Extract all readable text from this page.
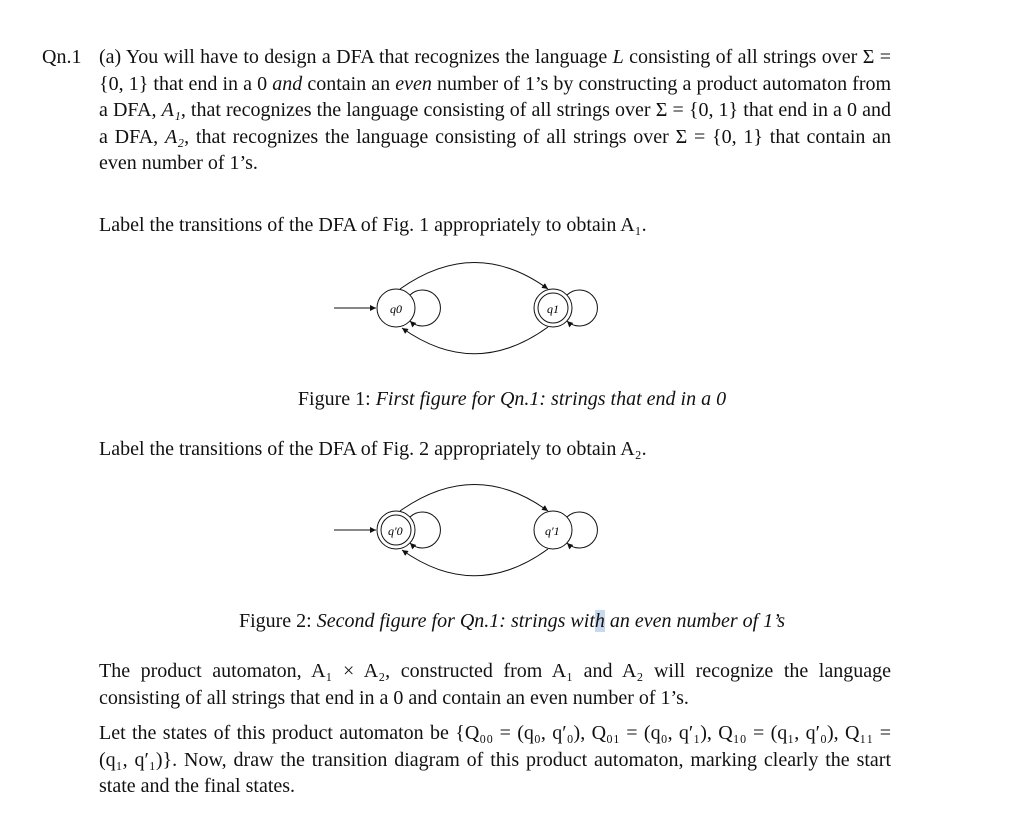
Qn.1 (a) You will have to design a DFA that recognizes the language L consisting of all strings over Σ = {0, 1} that end in a 0 and contain an even number of 1’s by constructing a product automaton from a DFA, A₁, that recognizes the language consisting of all strings over Σ = {0, 1} that end in a 0 and a DFA, A₂, that recognizes the language consisting of all strings over Σ = {0, 1} that contain an even number of 1’s.
Label the transitions of the DFA of Fig. 1 appropriately to obtain A₁.
q0	q1
Figure 1: First figure for Qn.1: strings that end in a 0
Label the transitions of the DFA of Fig. 2 appropriately to obtain A₂.
q′0	q′1
Figure 2: Second figure for Qn.1: strings with an even number of 1’s
The product automaton, A₁ × A₂, constructed from A₁ and A₂ will recognize the language consisting of all strings that end in a 0 and contain an even number of 1’s.
Let the states of this product automaton be {Q₀₀ = (q₀, q′₀), Q₀₁ = (q₀, q′₁), Q₁₀ = (q₁, q′₀), Q₁₁ = (q₁, q′₁)}. Now, draw the transition diagram of this product automaton, marking clearly the start state and the final states.
